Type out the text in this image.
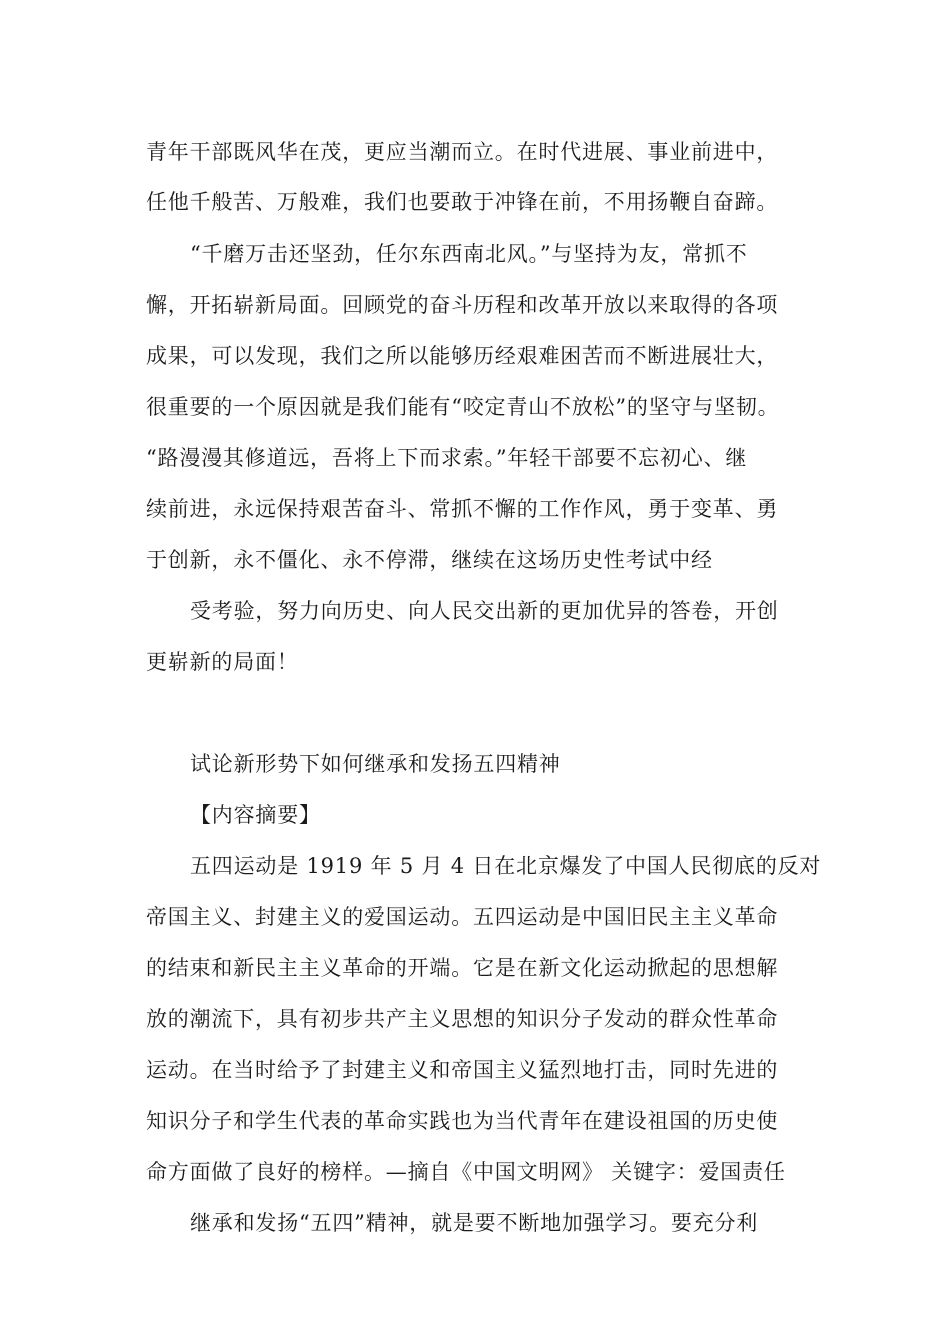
青年干部既风华在茂，更应当潮而立。在时代进展、事业前进中，
任他千般苦、万般难，我们也要敢于冲锋在前，不用扬鞭自奋蹄。
“千磨万击还坚劲，任尔东西南北风。”与坚持为友，常抓不
懈，开拓崭新局面。回顾党的奋斗历程和改革开放以来取得的各项
成果，可以发现，我们之所以能够历经艰难困苦而不断进展壮大，
很重要的一个原因就是我们能有“咬定青山不放松”的坚守与坚韧。
“路漫漫其修道远，吾将上下而求索。”年轻干部要不忘初心、继
续前进，永远保持艰苦奋斗、常抓不懈的工作作风，勇于变革、勇
于创新，永不僵化、永不停滞，继续在这场历史性考试中经
受考验，努力向历史、向人民交出新的更加优异的答卷，开创
更崭新的局面！
试论新形势下如何继承和发扬五四精神
【内容摘要】
五四运动是 1919 年 5 月 4 日在北京爆发了中国人民彻底的反对
帝国主义、封建主义的爱国运动。五四运动是中国旧民主主义革命
的结束和新民主主义革命的开端。它是在新文化运动掀起的思想解
放的潮流下，具有初步共产主义思想的知识分子发动的群众性革命
运动。在当时给予了封建主义和帝国主义猛烈地打击，同时先进的
知识分子和学生代表的革命实践也为当代青年在建设祖国的历史使
命方面做了良好的榜样。—摘自《中国文明网》 关键字：爱国责任
继承和发扬“五四”精神，就是要不断地加强学习。要充分利
